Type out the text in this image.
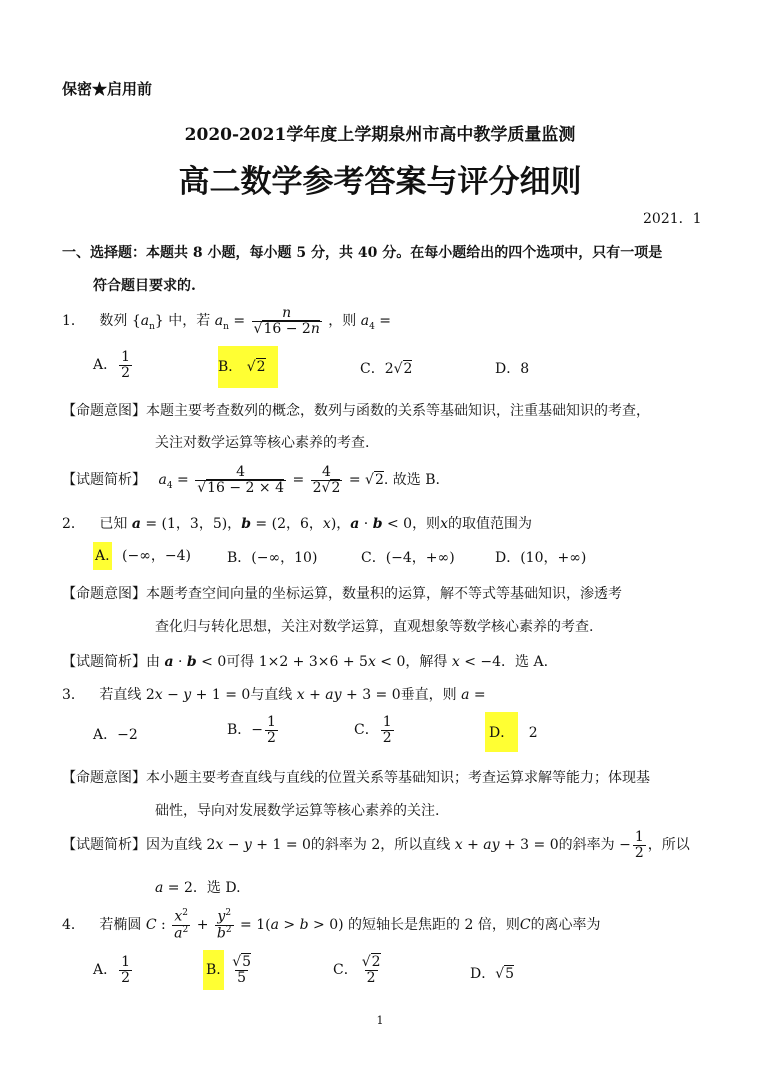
保密★启用前
2020-2021学年度上学期泉州市高中教学质量监测
高二数学参考答案与评分细则
2021．1
一、选择题：本题共 8 小题，每小题 5 分，共 40 分。在每小题给出的四个选项中，只有一项是
符合题目要求的.
1． 数列 $\{a_n\}$ 中，若 $a_n = \frac{n}{√16 - 2n}$ ，则 $a_4$ =
A． $\frac{1}{2}$	B． √2	C．2√2	D．8
【命题意图】本题主要考查数列的概念，数列与函数的关系等基础知识，注重基础知识的考查，
关注对数学运算等核心素养的考查.
【试题简析】 $a_4 = \frac{4}{√16 - 2 \times 4} = \frac{4}{2√2} = √2$. 故选 B.
2． 已知 a = (1，3，5)，b = (2，6，x)，a · b < 0，则x的取值范围为
A. (−∞，−4)	B．(−∞，10)	C．(−4，+∞)	D．(10，+∞)
【命题意图】本题考查空间向量的坐标运算，数量积的运算，解不等式等基础知识，渗透考
查化归与转化思想，关注对数学运算，直观想象等数学核心素养的考查.
【试题简析】由 a · b < 0可得 1×2 + 3×6 + 5x < 0，解得 x < −4．选 A.
3． 若直线 2x − y + 1 = 0与直线 x + ay + 3 = 0垂直，则 a =
A．−2	B．− $\frac{1}{2}$	C． $\frac{1}{2}$	D． 2
【命题意图】本小题主要考查直线与直线的位置关系等基础知识；考查运算求解等能力；体现基
础性，导向对发展数学运算等核心素养的关注.
【试题简析】因为直线 2x − y + 1 = 0的斜率为 2，所以直线 x + ay + 3 = 0的斜率为 − $\frac{1}{2}$ ，所以
a = 2．选 D.
4． 若椭圆 C : $\frac{x^2}{a^2} + \frac{y^2}{b^2} = 1(a > b > 0)$ 的短轴长是焦距的 2 倍，则C的离心率为
A． $\frac{1}{2}$	B. $\frac{√5}{5}$	C． $\frac{√2}{2}$	D．√5
1
